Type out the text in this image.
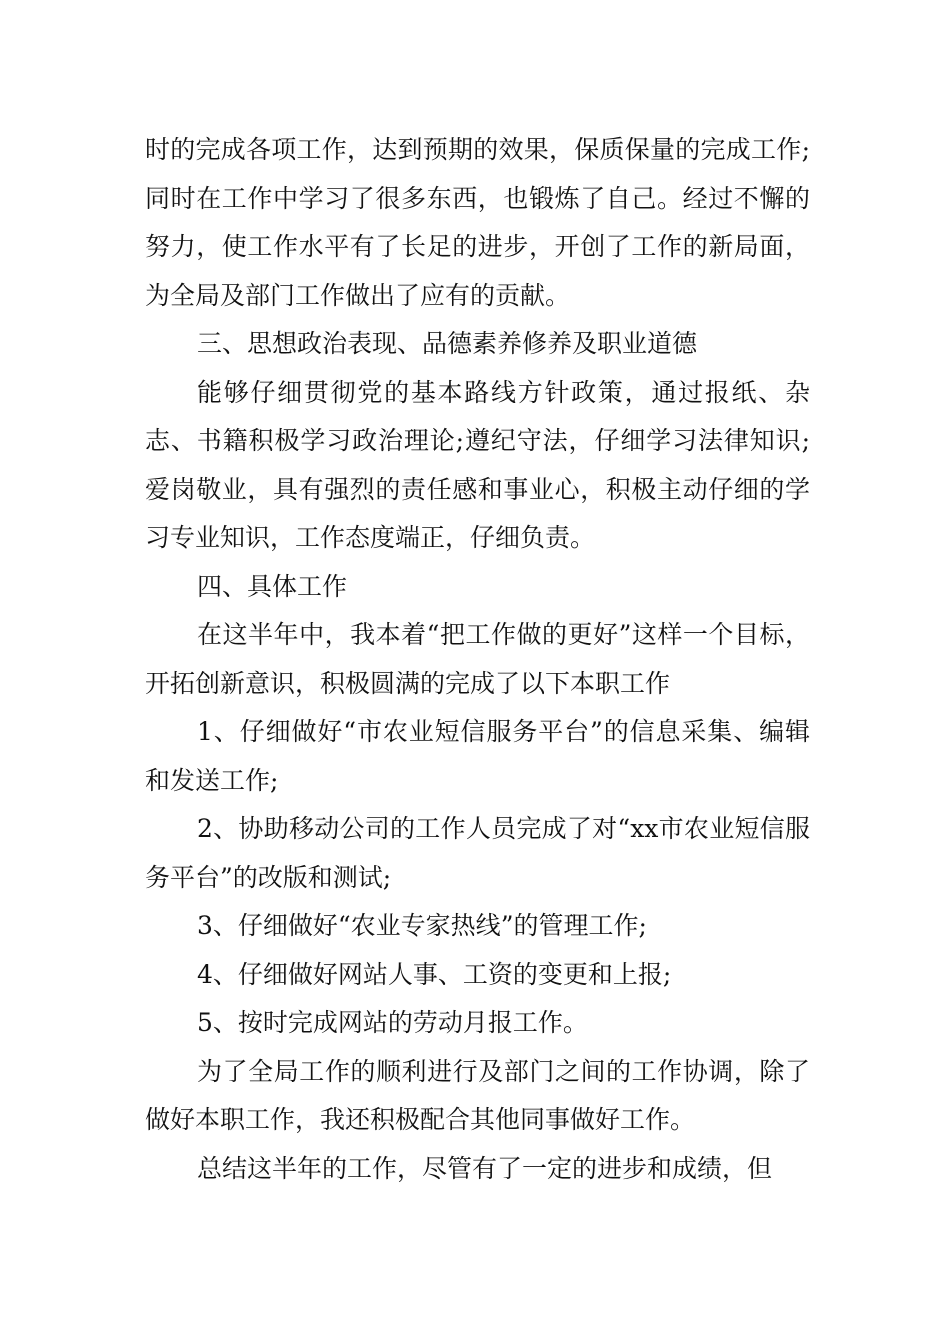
时的完成各项工作，达到预期的效果，保质保量的完成工作;同时在工作中学习了很多东西，也锻炼了自己。经过不懈的努力，使工作水平有了长足的进步，开创了工作的新局面，为全局及部门工作做出了应有的贡献。

三、思想政治表现、品德素养修养及职业道德

能够仔细贯彻党的基本路线方针政策，通过报纸、杂志、书籍积极学习政治理论;遵纪守法，仔细学习法律知识;爱岗敬业，具有强烈的责任感和事业心，积极主动仔细的学习专业知识，工作态度端正，仔细负责。

四、具体工作

在这半年中，我本着“把工作做的更好”这样一个目标，开拓创新意识，积极圆满的完成了以下本职工作

1、仔细做好“市农业短信服务平台”的信息采集、编辑和发送工作;

2、协助移动公司的工作人员完成了对“xx市农业短信服务平台”的改版和测试;

3、仔细做好“农业专家热线”的管理工作;

4、仔细做好网站人事、工资的变更和上报;

5、按时完成网站的劳动月报工作。

为了全局工作的顺利进行及部门之间的工作协调，除了做好本职工作，我还积极配合其他同事做好工作。

总结这半年的工作，尽管有了一定的进步和成绩，但
